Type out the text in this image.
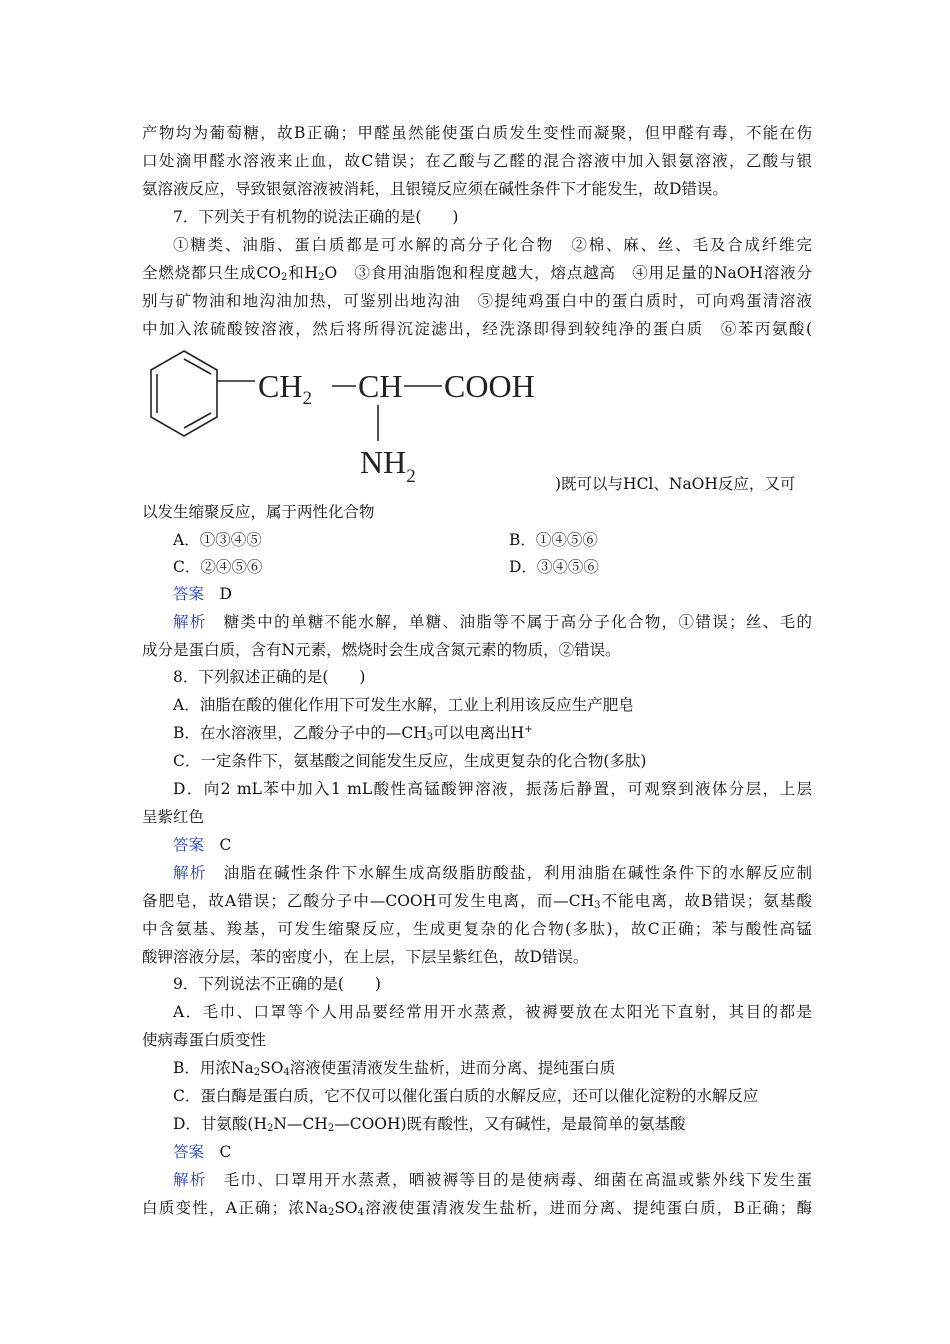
产物均为葡萄糖，故B正确；甲醛虽然能使蛋白质发生变性而凝聚，但甲醛有毒，不能在伤
口处滴甲醛水溶液来止血，故C错误；在乙酸与乙醛的混合溶液中加入银氨溶液，乙酸与银
氨溶液反应，导致银氨溶液被消耗，且银镜反应须在碱性条件下才能发生，故D错误。
7．下列关于有机物的说法正确的是(　　)
①糖类、油脂、蛋白质都是可水解的高分子化合物　②棉、麻、丝、毛及合成纤维完
全燃烧都只生成$CO_2$和$H_2O$　③食用油脂饱和程度越大，熔点越高　④用足量的NaOH溶液分
别与矿物油和地沟油加热，可鉴别出地沟油　⑤提纯鸡蛋白中的蛋白质时，可向鸡蛋清溶液
中加入浓硫酸铵溶液，然后将所得沉淀滤出，经洗涤即得到较纯净的蛋白质　⑥苯丙氨酸(
$CH_2$ CH COOH
$NH_2$	)既可以与HCl、NaOH反应，又可
以发生缩聚反应，属于两性化合物
A．①③④⑤	B．①④⑤⑥
C．②④⑤⑥	D．③④⑤⑥
答案　 D
解析　 糖类中的单糖不能水解，单糖、油脂等不属于高分子化合物，①错误；丝、毛的
成分是蛋白质，含有N元素，燃烧时会生成含氮元素的物质，②错误。
8．下列叙述正确的是(　　)
A．油脂在酸的催化作用下可发生水解，工业上利用该反应生产肥皂
B．在水溶液里，乙酸分子中的$—CH_3$可以电离出H+
C．一定条件下，氨基酸之间能发生反应，生成更复杂的化合物(多肽)
D．向2 mL苯中加入1 mL酸性高锰酸钾溶液，振荡后静置，可观察到液体分层，上层
呈紫红色
答案　 C
解析　 油脂在碱性条件下水解生成高级脂肪酸盐，利用油脂在碱性条件下的水解反应制
备肥皂，故A错误；乙酸分子中—COOH可发生电离，而$—CH_3$不能电离，故B错误；氨基酸
中含氨基、羧基，可发生缩聚反应，生成更复杂的化合物(多肽)，故C正确；苯与酸性高锰
酸钾溶液分层，苯的密度小，在上层，下层呈紫红色，故D错误。
9．下列说法不正确的是(　　)
A．毛巾、口罩等个人用品要经常用开水蒸煮，被褥要放在太阳光下直射，其目的都是
使病毒蛋白质变性
B．用浓$Na_2SO_4$溶液使蛋清液发生盐析，进而分离、提纯蛋白质
C．蛋白酶是蛋白质，它不仅可以催化蛋白质的水解反应，还可以催化淀粉的水解反应
D．甘氨酸$(H_2N—CH_2—COOH)$既有酸性，又有碱性，是最简单的氨基酸
答案　 C
解析　 毛巾、口罩用开水蒸煮，晒被褥等目的是使病毒、细菌在高温或紫外线下发生蛋
白质变性，A正确；浓$Na_2SO_4$溶液使蛋清液发生盐析，进而分离、提纯蛋白质，B正确；酶
